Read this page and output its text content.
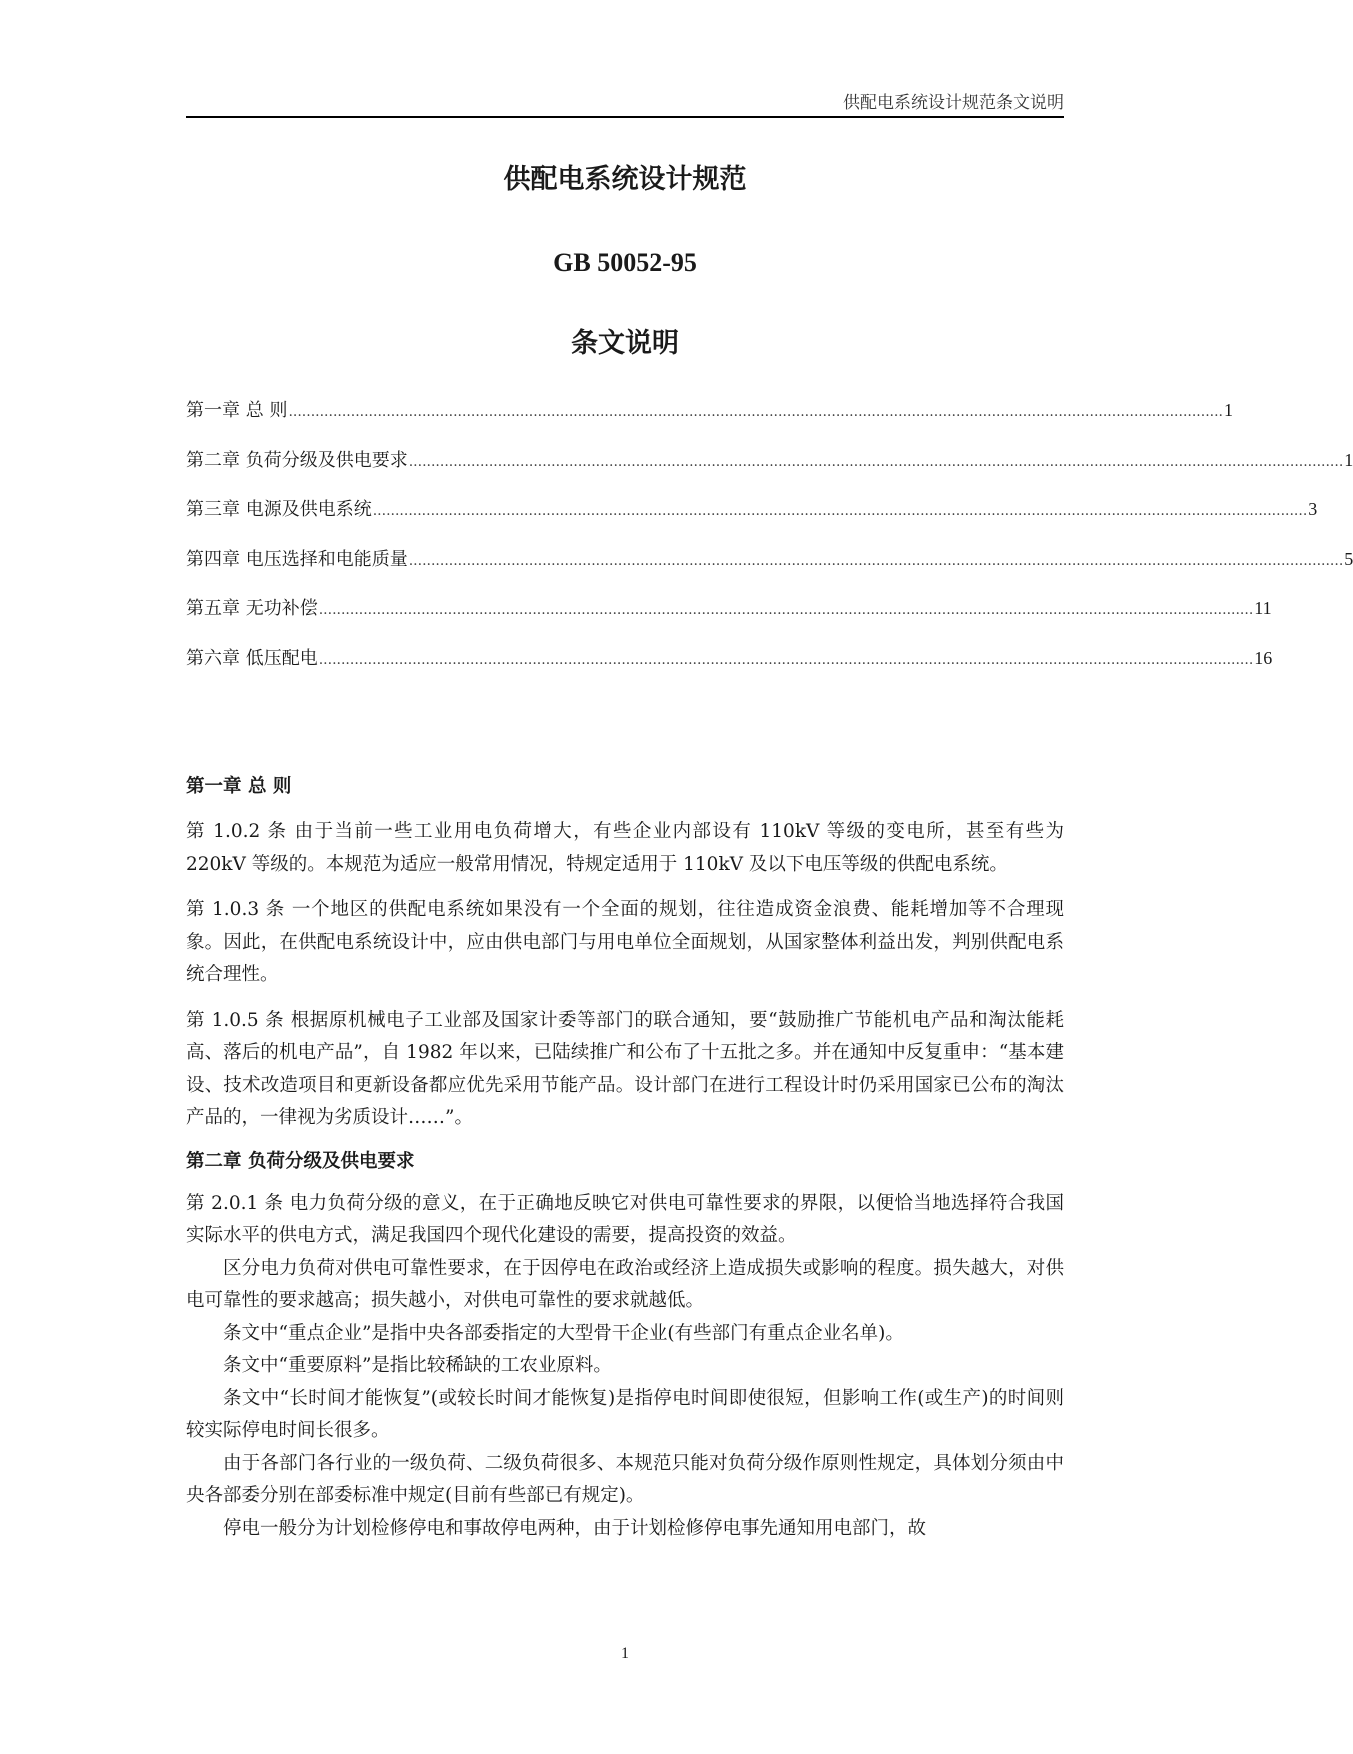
供配电系统设计规范条文说明
供配电系统设计规范
GB 50052-95
条文说明
第一章 总 则 .................................................................................................................................................................................................................. 1
第二章 负荷分级及供电要求 .................................................................................................................................................................................................................. 1
第三章 电源及供电系统 .................................................................................................................................................................................................................. 3
第四章 电压选择和电能质量 .................................................................................................................................................................................................................. 5
第五章 无功补偿 .................................................................................................................................................................................................................. 11
第六章 低压配电 .................................................................................................................................................................................................................. 16
第一章 总 则

第 1.0.2 条 由于当前一些工业用电负荷增大，有些企业内部设有 110kV 等级的变电所，甚至有些为 220kV 等级的。本规范为适应一般常用情况，特规定适用于 110kV 及以下电压等级的供配电系统。

第 1.0.3 条 一个地区的供配电系统如果没有一个全面的规划，往往造成资金浪费、能耗增加等不合理现象。因此，在供配电系统设计中，应由供电部门与用电单位全面规划，从国家整体利益出发，判别供配电系统合理性。

第 1.0.5 条 根据原机械电子工业部及国家计委等部门的联合通知，要“鼓励推广节能机电产品和淘汰能耗高、落后的机电产品”，自 1982 年以来，已陆续推广和公布了十五批之多。并在通知中反复重申：“基本建设、技术改造项目和更新设备都应优先采用节能产品。设计部门在进行工程设计时仍采用国家已公布的淘汰产品的，一律视为劣质设计……”。

第二章 负荷分级及供电要求

第 2.0.1 条 电力负荷分级的意义，在于正确地反映它对供电可靠性要求的界限，以便恰当地选择符合我国实际水平的供电方式，满足我国四个现代化建设的需要，提高投资的效益。

区分电力负荷对供电可靠性要求，在于因停电在政治或经济上造成损失或影响的程度。损失越大，对供电可靠性的要求越高；损失越小，对供电可靠性的要求就越低。

条文中“重点企业”是指中央各部委指定的大型骨干企业(有些部门有重点企业名单)。

条文中“重要原料”是指比较稀缺的工农业原料。

条文中“长时间才能恢复”(或较长时间才能恢复)是指停电时间即使很短，但影响工作(或生产)的时间则较实际停电时间长很多。

由于各部门各行业的一级负荷、二级负荷很多、本规范只能对负荷分级作原则性规定，具体划分须由中央各部委分别在部委标准中规定(目前有些部已有规定)。

停电一般分为计划检修停电和事故停电两种，由于计划检修停电事先通知用电部门，故

1
